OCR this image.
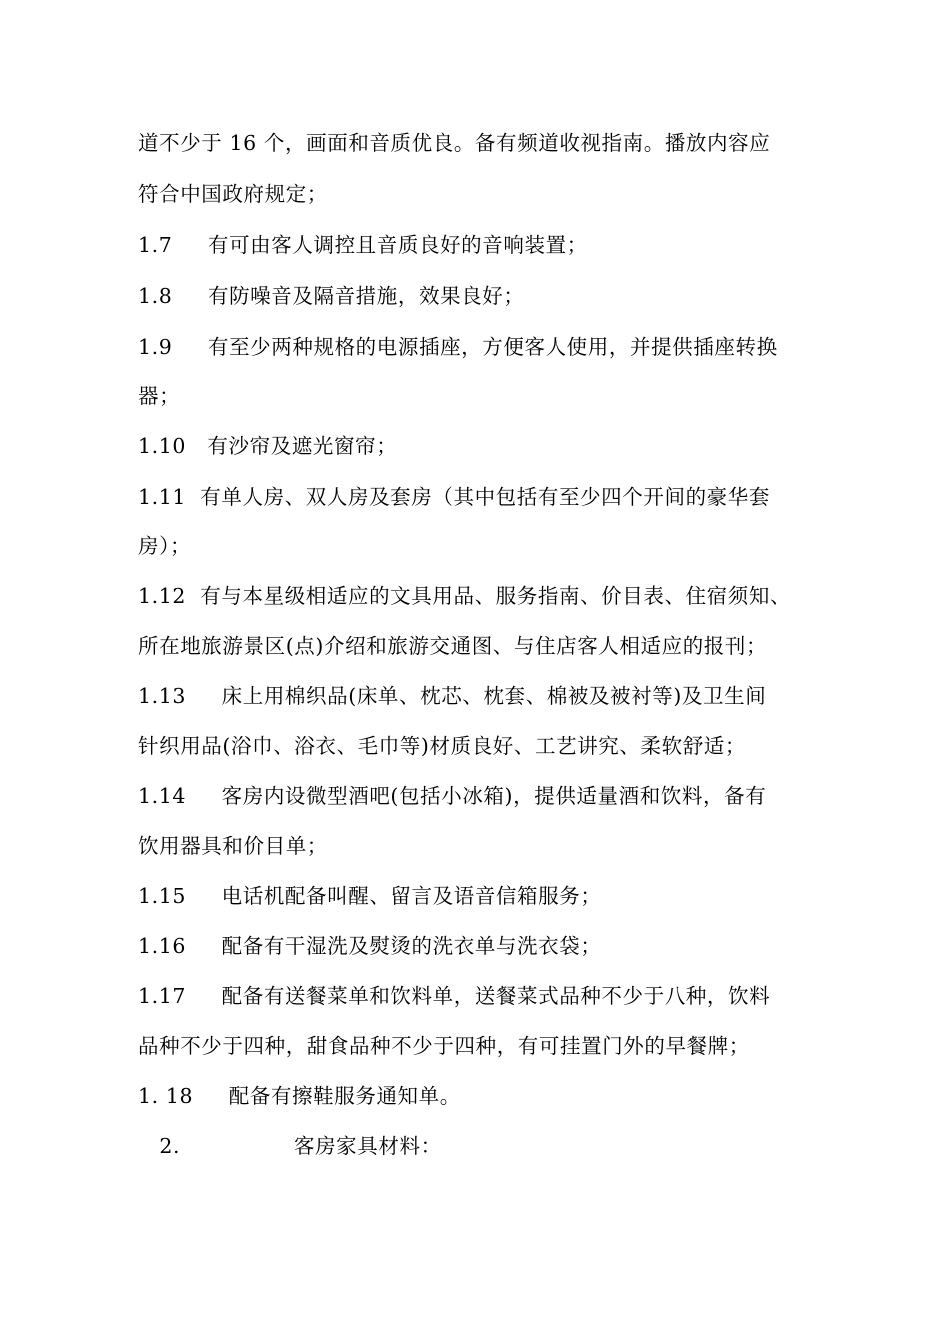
道不少于 16 个，画面和音质优良。备有频道收视指南。播放内容应
符合中国政府规定；
1.7     有可由客人调控且音质良好的音响装置；
1.8     有防噪音及隔音措施，效果良好；
1.9     有至少两种规格的电源插座，方便客人使用，并提供插座转换
器；
1.10   有沙帘及遮光窗帘；
1.11  有单人房、双人房及套房（其中包括有至少四个开间的豪华套
房）；
1.12  有与本星级相适应的文具用品、服务指南、价目表、住宿须知、
所在地旅游景区(点)介绍和旅游交通图、与住店客人相适应的报刊；
1.13     床上用棉织品(床单、枕芯、枕套、棉被及被衬等)及卫生间
针织用品(浴巾、浴衣、毛巾等)材质良好、工艺讲究、柔软舒适；
1.14     客房内设微型酒吧(包括小冰箱)，提供适量酒和饮料，备有
饮用器具和价目单；
1.15     电话机配备叫醒、留言及语音信箱服务；
1.16     配备有干湿洗及熨烫的洗衣单与洗衣袋；
1.17     配备有送餐菜单和饮料单，送餐菜式品种不少于八种，饮料
品种不少于四种，甜食品种不少于四种，有可挂置门外的早餐牌；
1. 18     配备有擦鞋服务通知单。
2.                客房家具材料：
